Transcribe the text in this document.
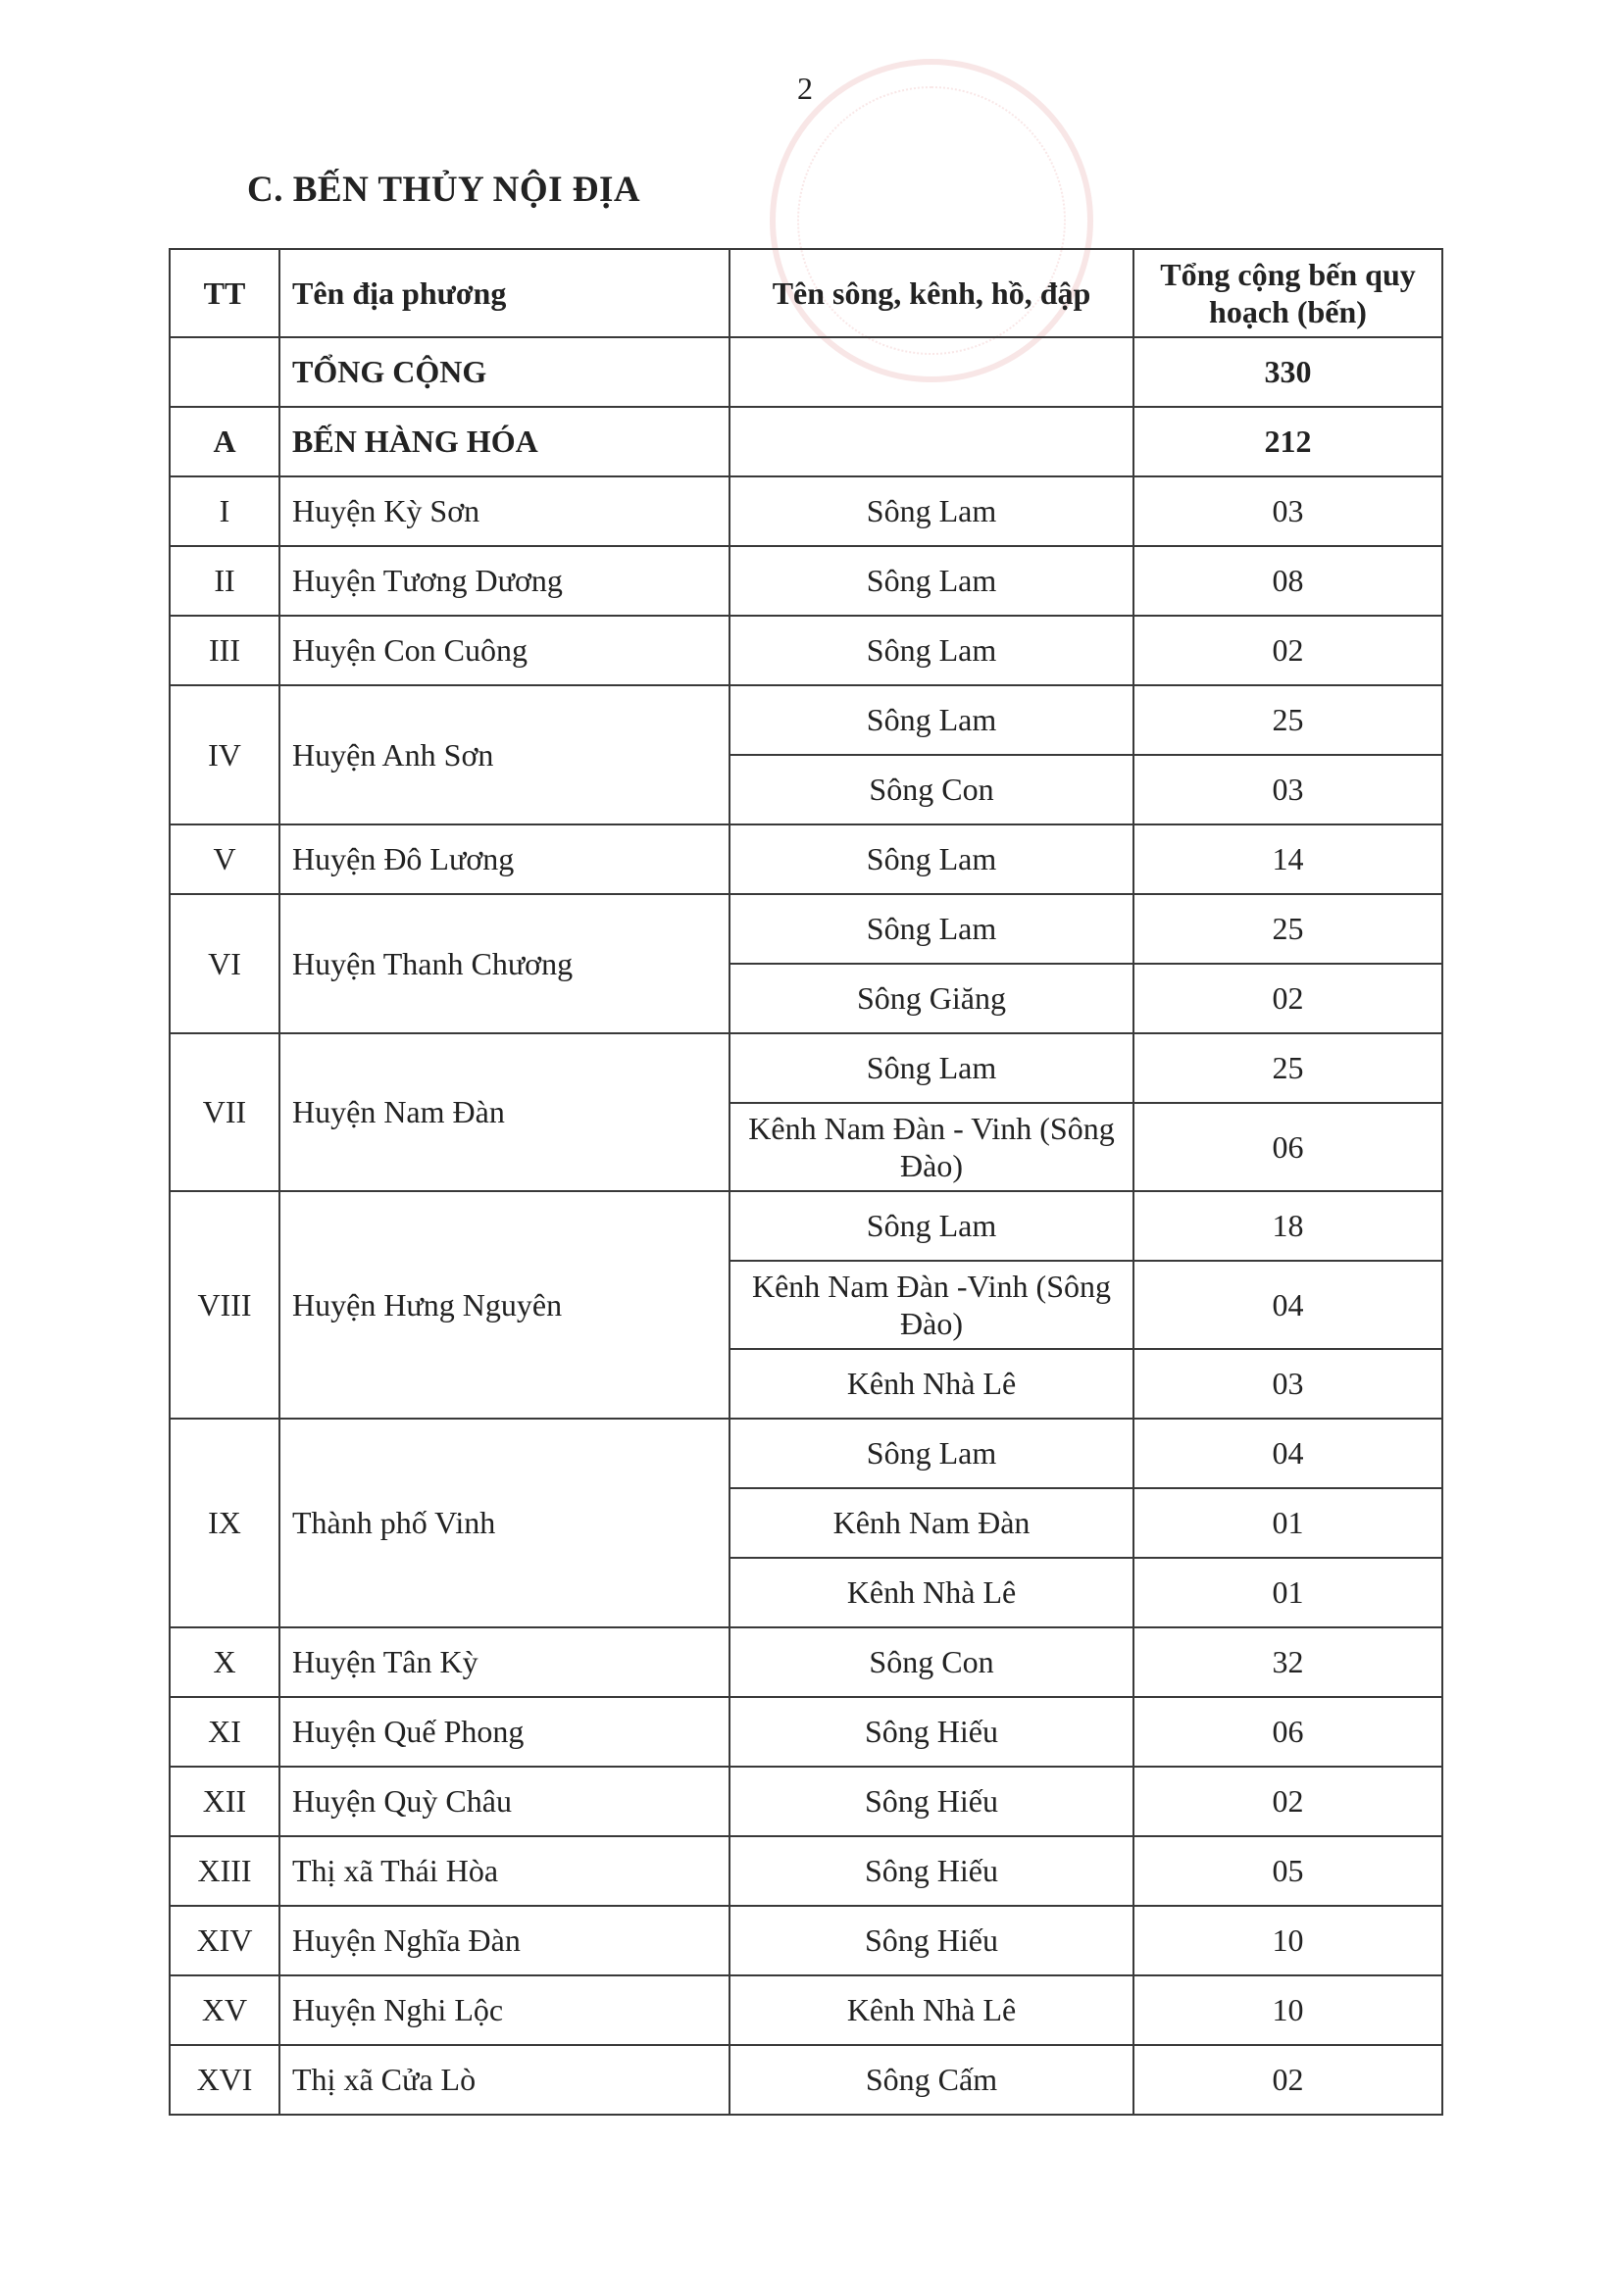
2
C. BẾN THỦY NỘI ĐỊA
TT	Tên địa phương	Tên sông, kênh, hồ, đập	Tổng cộng bến quy hoạch (bến)
	TỔNG CỘNG		330
A	BẾN HÀNG HÓA		212
I	Huyện Kỳ Sơn	Sông Lam	03
II	Huyện Tương Dương	Sông Lam	08
III	Huyện Con Cuông	Sông Lam	02
IV	Huyện Anh Sơn	Sông Lam	25
		Sông Con	03
V	Huyện Đô Lương	Sông Lam	14
VI	Huyện Thanh Chương	Sông Lam	25
		Sông Giăng	02
VII	Huyện Nam Đàn	Sông Lam	25
		Kênh Nam Đàn - Vinh (Sông Đào)	06
VIII	Huyện Hưng Nguyên	Sông Lam	18
		Kênh Nam Đàn -Vinh (Sông Đào)	04
		Kênh Nhà Lê	03
IX	Thành phố Vinh	Sông Lam	04
		Kênh Nam Đàn	01
		Kênh Nhà Lê	01
X	Huyện Tân Kỳ	Sông Con	32
XI	Huyện Quế Phong	Sông Hiếu	06
XII	Huyện Quỳ Châu	Sông Hiếu	02
XIII	Thị xã Thái Hòa	Sông Hiếu	05
XIV	Huyện Nghĩa Đàn	Sông Hiếu	10
XV	Huyện Nghi Lộc	Kênh Nhà Lê	10
XVI	Thị xã Cửa Lò	Sông Cấm	02
